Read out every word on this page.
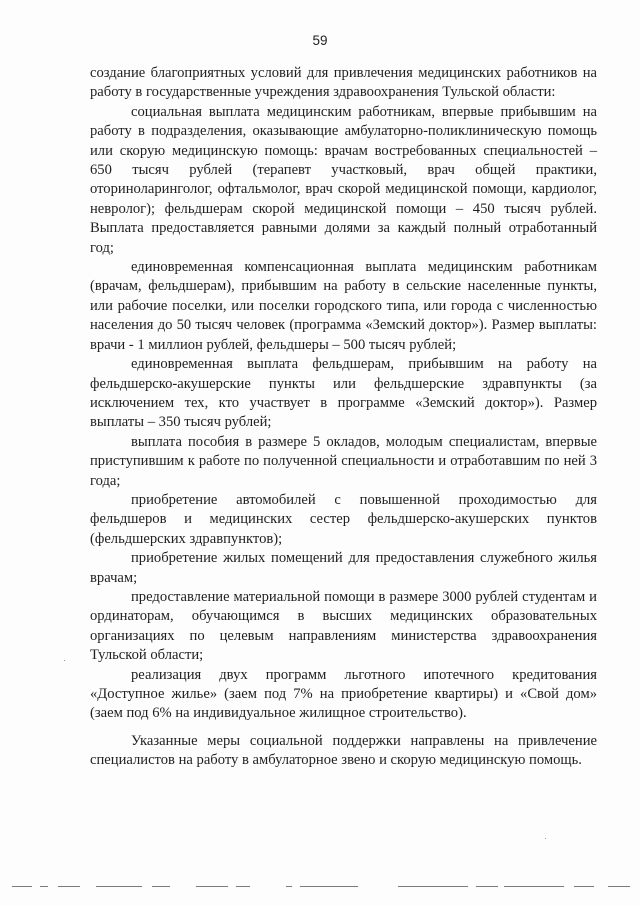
59

создание благоприятных условий для привлечения медицинских работников на работу в государственные учреждения здравоохранения Тульской области:

социальная выплата медицинским работникам, впервые прибывшим на работу в подразделения, оказывающие амбулаторно-поликлиническую помощь или скорую медицинскую помощь: врачам востребованных специальностей – 650 тысяч рублей (терапевт участковый, врач общей практики, оториноларинголог, офтальмолог, врач скорой медицинской помощи, кардиолог, невролог); фельдшерам скорой медицинской помощи – 450 тысяч рублей. Выплата предоставляется равными долями за каждый полный отработанный год;

единовременная компенсационная выплата медицинским работникам (врачам, фельдшерам), прибывшим на работу в сельские населенные пункты, или рабочие поселки, или поселки городского типа, или города с численностью населения до 50 тысяч человек (программа «Земский доктор»). Размер выплаты: врачи - 1 миллион рублей, фельдшеры – 500 тысяч рублей;

единовременная выплата фельдшерам, прибывшим на работу на фельдшерско-акушерские пункты или фельдшерские здравпункты (за исключением тех, кто участвует в программе «Земский доктор»). Размер выплаты – 350 тысяч рублей;

выплата пособия в размере 5 окладов, молодым специалистам, впервые приступившим к работе по полученной специальности и отработавшим по ней 3 года;

приобретение автомобилей с повышенной проходимостью для фельдшеров и медицинских сестер фельдшерско-акушерских пунктов (фельдшерских здравпунктов);

приобретение жилых помещений для предоставления служебного жилья врачам;

предоставление материальной помощи в размере 3000 рублей студентам и ординаторам, обучающимся в высших медицинских образовательных организациях по целевым направлениям министерства здравоохранения Тульской области;

реализация двух программ льготного ипотечного кредитования «Доступное жилье» (заем под 7% на приобретение квартиры) и «Свой дом» (заем под 6% на индивидуальное жилищное строительство).

Указанные меры социальной поддержки направлены на привлечение специалистов на работу в амбулаторное звено и скорую медицинскую помощь.
